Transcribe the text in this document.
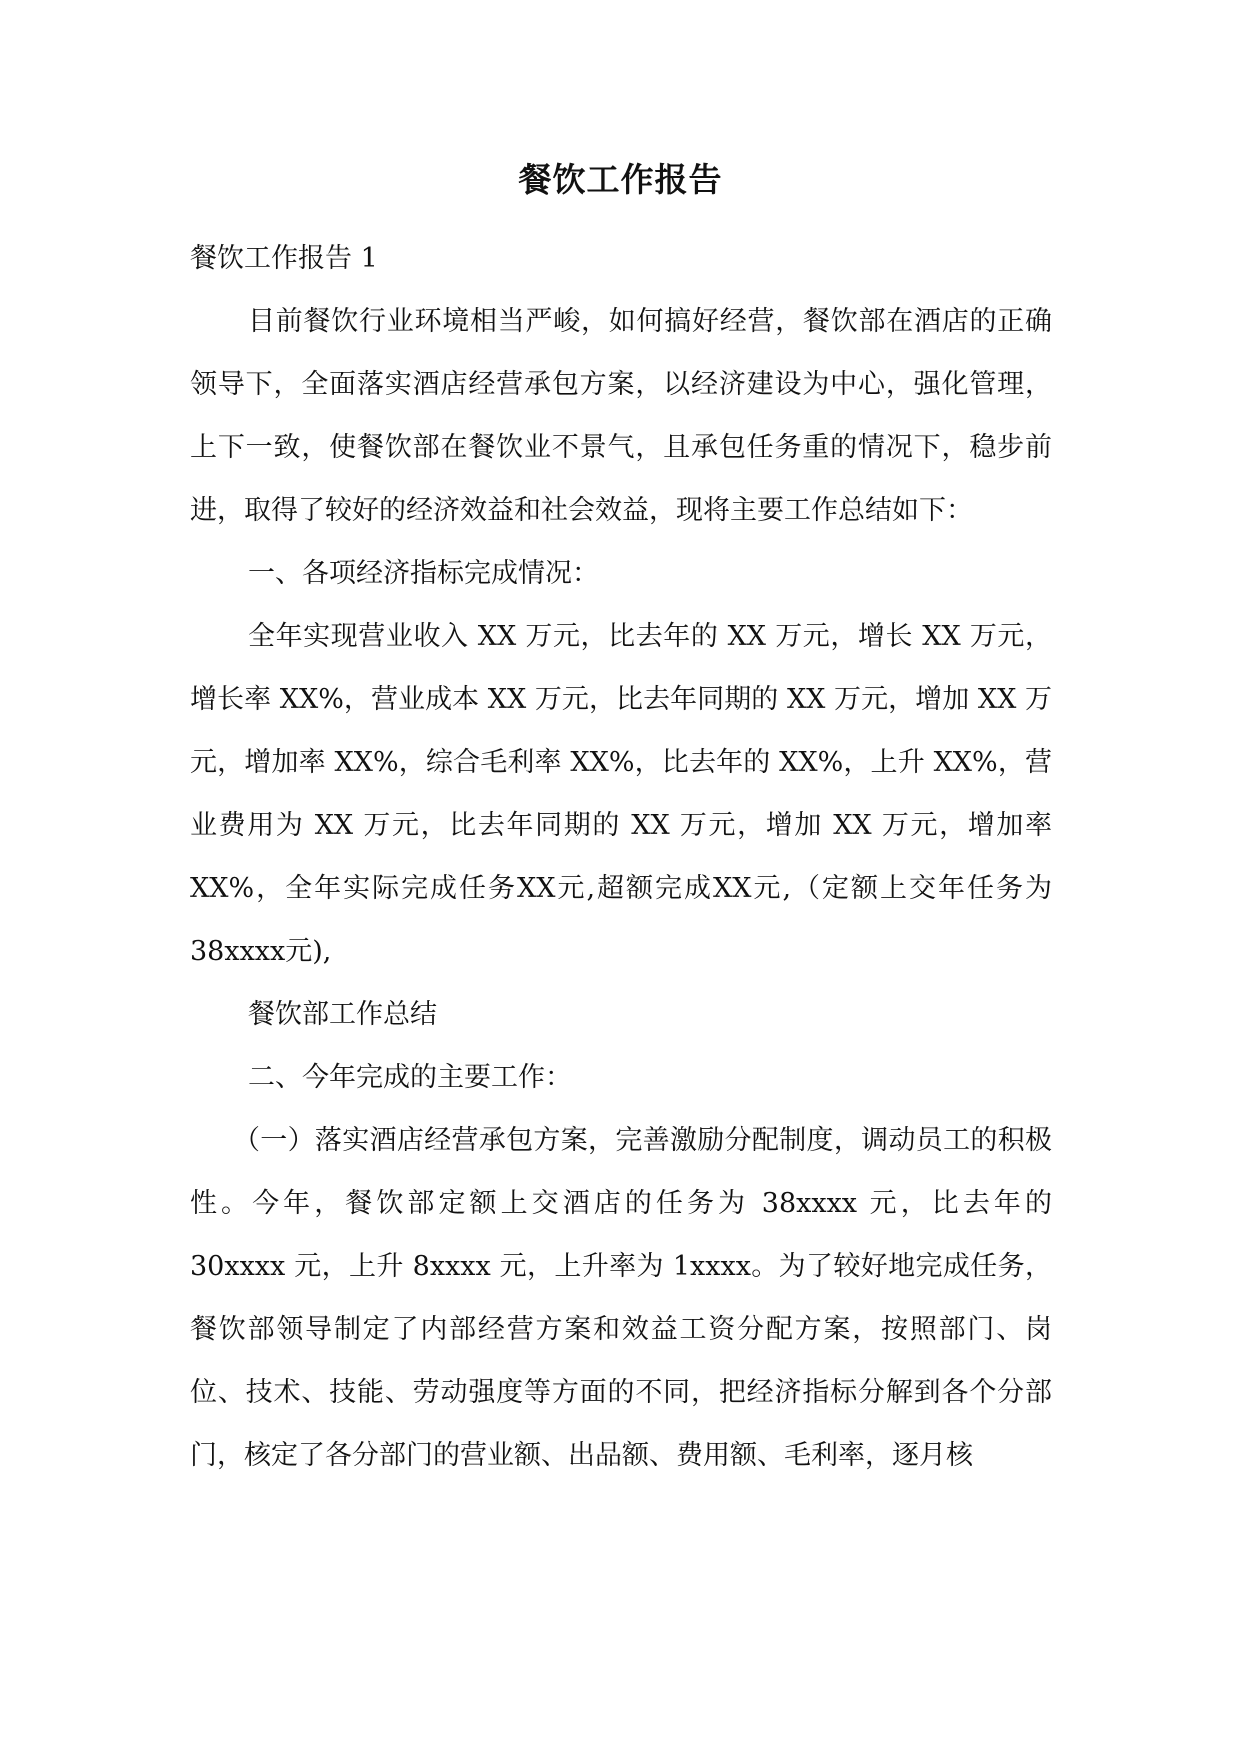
餐饮工作报告

餐饮工作报告 1

目前餐饮行业环境相当严峻，如何搞好经营，餐饮部在酒店的正确领导下，全面落实酒店经营承包方案，以经济建设为中心，强化管理，上下一致，使餐饮部在餐饮业不景气，且承包任务重的情况下，稳步前进，取得了较好的经济效益和社会效益，现将主要工作总结如下：

一、各项经济指标完成情况：

全年实现营业收入 XX 万元，比去年的 XX 万元，增长 XX 万元，增长率 XX%，营业成本 XX 万元，比去年同期的 XX 万元，增加 XX 万元，增加率 XX%，综合毛利率 XX%，比去年的 XX%，上升 XX%，营业费用为 XX 万元，比去年同期的 XX 万元，增加 XX 万元，增加率 XX%，全年实际完成任务XX元,超额完成XX元,（定额上交年任务为38xxxx元),

餐饮部工作总结

二、今年完成的主要工作：

（一）落实酒店经营承包方案，完善激励分配制度，调动员工的积极性。今年，餐饮部定额上交酒店的任务为 38xxxx 元，比去年的 30xxxx 元，上升 8xxxx 元，上升率为 1xxxx。为了较好地完成任务，餐饮部领导制定了内部经营方案和效益工资分配方案，按照部门、岗位、技术、技能、劳动强度等方面的不同，把经济指标分解到各个分部门，核定了各分部门的营业额、出品额、费用额、毛利率，逐月核
